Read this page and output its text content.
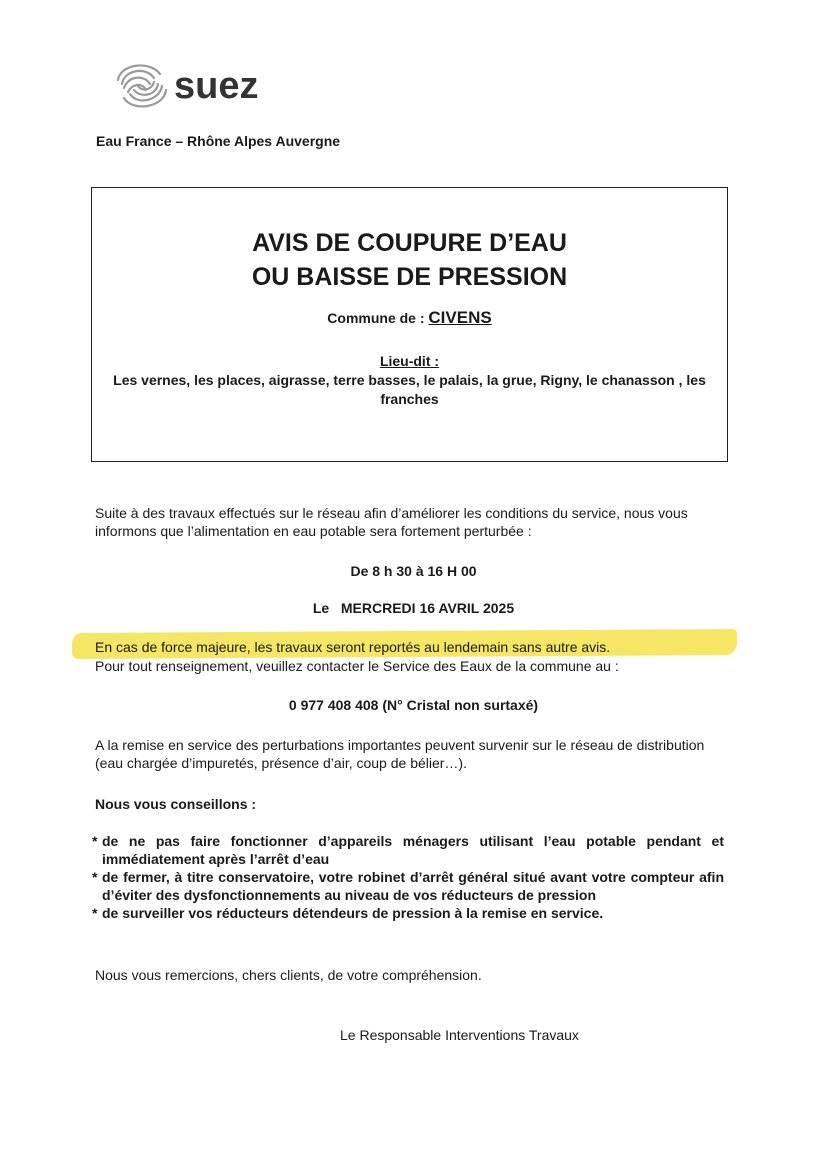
suez
Eau France – Rhône Alpes Auvergne
AVIS DE COUPURE D’EAU
OU BAISSE DE PRESSION
Commune de : CIVENS
Lieu-dit :
Les vernes, les places, aigrasse, terre basses, le palais, la grue, Rigny, le chanasson , les franches
Suite à des travaux effectués sur le réseau afin d’améliorer les conditions du service, nous vous informons que l’alimentation en eau potable sera fortement perturbée :
De 8 h 30 à 16 H 00
Le   MERCREDI 16 AVRIL 2025
En cas de force majeure, les travaux seront reportés au lendemain sans autre avis.
Pour tout renseignement, veuillez contacter le Service des Eaux de la commune au :
0 977 408 408 (N° Cristal non surtaxé)
A la remise en service des perturbations importantes peuvent survenir sur le réseau de distribution (eau chargée d’impuretés, présence d’air, coup de bélier…).
Nous vous conseillons :
* de ne pas faire fonctionner d’appareils ménagers utilisant l’eau potable pendant et immédiatement après l’arrêt d’eau
* de fermer, à titre conservatoire, votre robinet d’arrêt général situé avant votre compteur afin d’éviter des dysfonctionnements au niveau de vos réducteurs de pression
* de surveiller vos réducteurs détendeurs de pression à la remise en service.
Nous vous remercions, chers clients, de votre compréhension.
Le Responsable Interventions Travaux
